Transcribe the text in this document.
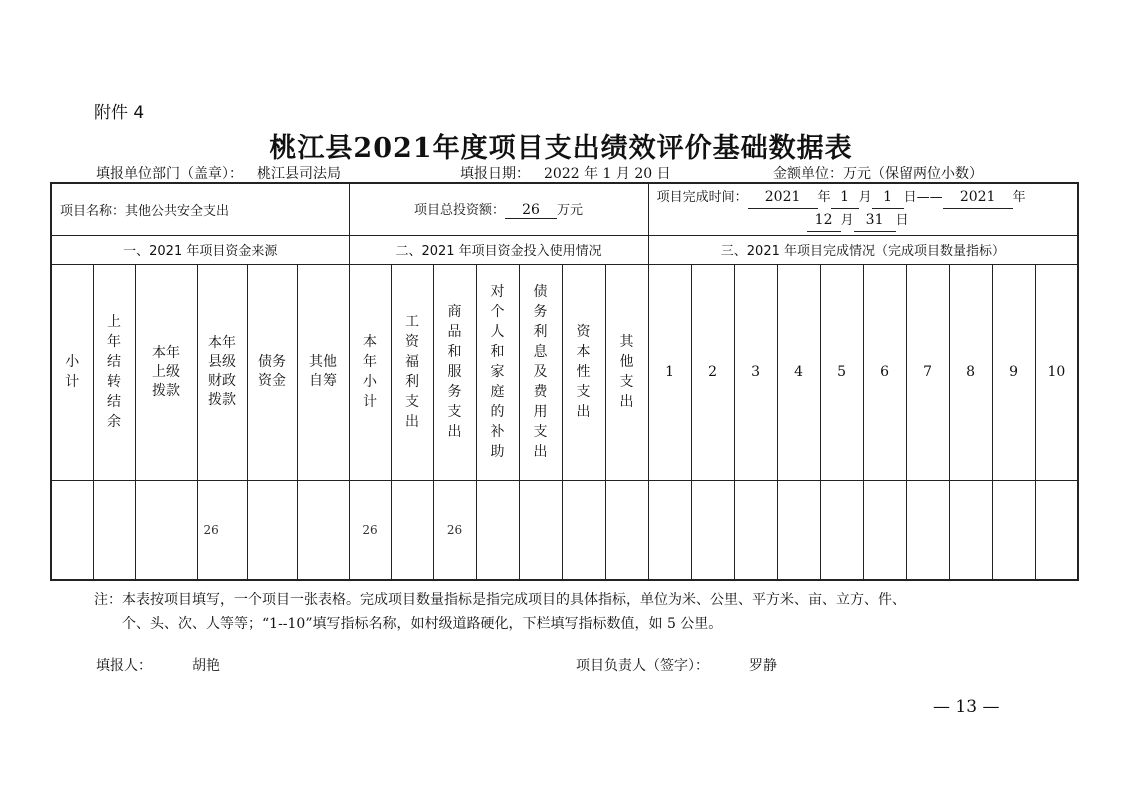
附件 4
桃江县2021年度项目支出绩效评价基础数据表
填报单位部门（盖章）： 桃江县司法局	填报日期： 2022 年 1 月 20 日	金额单位：万元（保留两位小数）
项目名称：其他公共安全支出						项目总投资额： 26 万元							项目完成时间： 2021 年 1 月 1 日—— 2021 年
12 月 31 日									
一、2021 年项目资金来源						二、2021 年项目资金投入使用情况							三、2021 年项目完成情况（完成项目数量指标）									
小计	上年结转结余	本年上级拨款	本年县级财政拨款	债务资金	其他自筹	本年小计	工资福利支出	商品和服务支出	对个人和家庭的补助	债务利息及费用支出	资本性支出	其他支出	1	2	3	4	5	6	7	8	9	10
			26			26		26														
注：本表按项目填写，一个项目一张表格。完成项目数量指标是指完成项目的具体指标，单位为米、公里、平方米、亩、立方、件、
个、头、次、人等等；“1--10”填写指标名称，如村级道路硬化，下栏填写指标数值，如 5 公里。
填报人：	胡艳	项目负责人（签字）：	罗静
— 13 —
